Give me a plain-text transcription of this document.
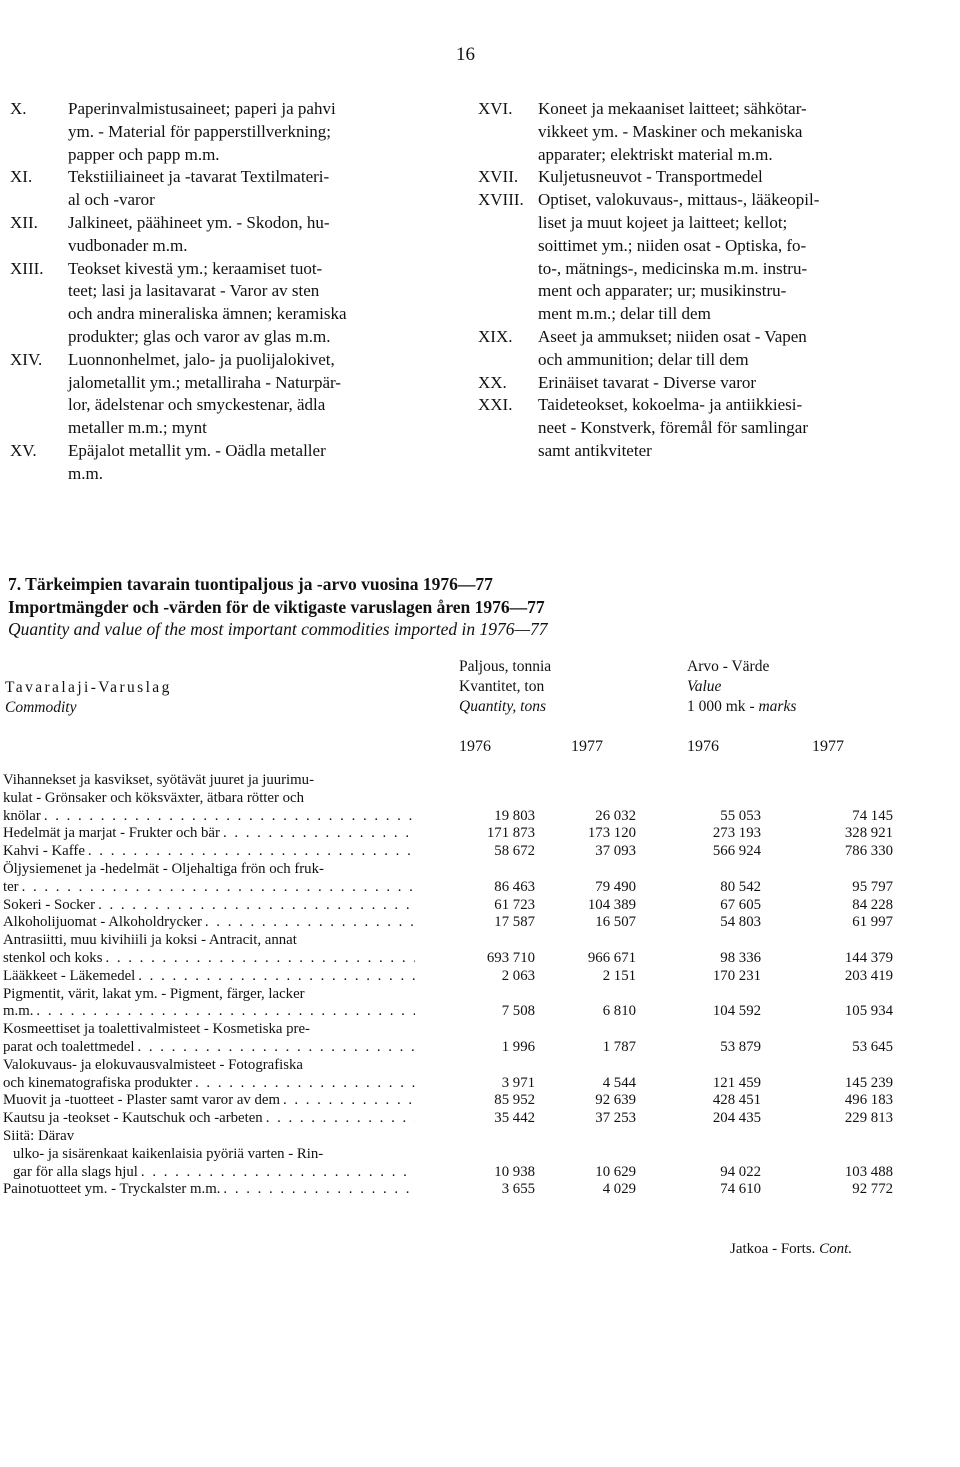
16
X.	Paperinvalmistusaineet; paperi ja pahvi
ym. - Material för papperstillverkning;
papper och papp m.m.
XI.	Tekstiiliaineet ja -tavarat Textilmateri-
al och -varor
XII.	Jalkineet, päähineet ym. - Skodon, hu-
vudbonader m.m.
XIII.	Teokset kivestä ym.; keraamiset tuot-
teet; lasi ja lasitavarat - Varor av sten
och andra mineraliska ämnen; keramiska
produkter; glas och varor av glas m.m.
XIV.	Luonnonhelmet, jalo- ja puolijalokivet,
jalometallit ym.; metalliraha - Naturpär-
lor, ädelstenar och smyckestenar, ädla
metaller m.m.; mynt
XV.	Epäjalot metallit ym. - Oädla metaller
m.m.
XVI.	Koneet ja mekaaniset laitteet; sähkötar-
vikkeet ym. - Maskiner och mekaniska
apparater; elektriskt material m.m.
XVII.	Kuljetusneuvot - Transportmedel
XVIII. Optiset, valokuvaus-, mittaus-, lääkeopil-
liset ja muut kojeet ja laitteet; kellot;
soittimet ym.; niiden osat - Optiska, fo-
to-, mätnings-, medicinska m.m. instru-
ment och apparater; ur; musikinstru-
ment m.m.; delar till dem
XIX.	Aseet ja ammukset; niiden osat - Vapen
och ammunition; delar till dem
XX.	Erinäiset tavarat - Diverse varor
XXI.	Taideteokset, kokoelma- ja antiikkiesi-
neet - Konstverk, föremål för samlingar
samt antikviteter
7. Tärkeimpien tavarain tuontipaljous ja -arvo vuosina 1976—77
Importmängder och -värden för de viktigaste varuslagen åren 1976—77
Quantity and value of the most important commodities imported in 1976—77
Tavaralaji-Varuslag
Commodity
Paljous, tonnia
Kvantitet, ton
Quantity, tons
Arvo - Värde
Value
1 000 mk - marks
1976	1977	1976	1977
Vihannekset ja kasvikset, syötävät juuret ja juurimu-
kulat - Grönsaker och köksväxter, ätbara rötter och
knölar . . .	19 803	26 032	55 053	74 145
Hedelmät ja marjat - Frukter och bär . . .	171 873	173 120	273 193	328 921
Kahvi - Kaffe . . .	58 672	37 093	566 924	786 330
Öljysiemenet ja -hedelmät - Oljehaltiga frön och fruk-
ter . . .	86 463	79 490	80 542	95 797
Sokeri - Socker . . .	61 723	104 389	67 605	84 228
Alkoholijuomat - Alkoholdrycker . . .	17 587	16 507	54 803	61 997
Antrasiitti, muu kivihiili ja koksi - Antracit, annat
stenkol och koks . . .	693 710	966 671	98 336	144 379
Lääkkeet - Läkemedel . . .	2 063	2 151	170 231	203 419
Pigmentit, värit, lakat ym. - Pigment, färger, lacker
m.m. . . .	7 508	6 810	104 592	105 934
Kosmeettiset ja toalettivalmisteet - Kosmetiska pre-
parat och toalettmedel . . .	1 996	1 787	53 879	53 645
Valokuvaus- ja elokuvausvalmisteet - Fotografiska
och kinematografiska produkter . . .	3 971	4 544	121 459	145 239
Muovit ja -tuotteet - Plaster samt varor av dem . . .	85 952	92 639	428 451	496 183
Kautsu ja -teokset - Kautschuk och -arbeten . . .	35 442	37 253	204 435	229 813
Siitä: Därav
ulko- ja sisärenkaat kaikenlaisia pyöriä varten - Rin-
gar för alla slags hjul . . .	10 938	10 629	94 022	103 488
Painotuotteet ym. - Tryckalster m.m. . . .	3 655	4 029	74 610	92 772
Jatkoa - Forts. Cont.
